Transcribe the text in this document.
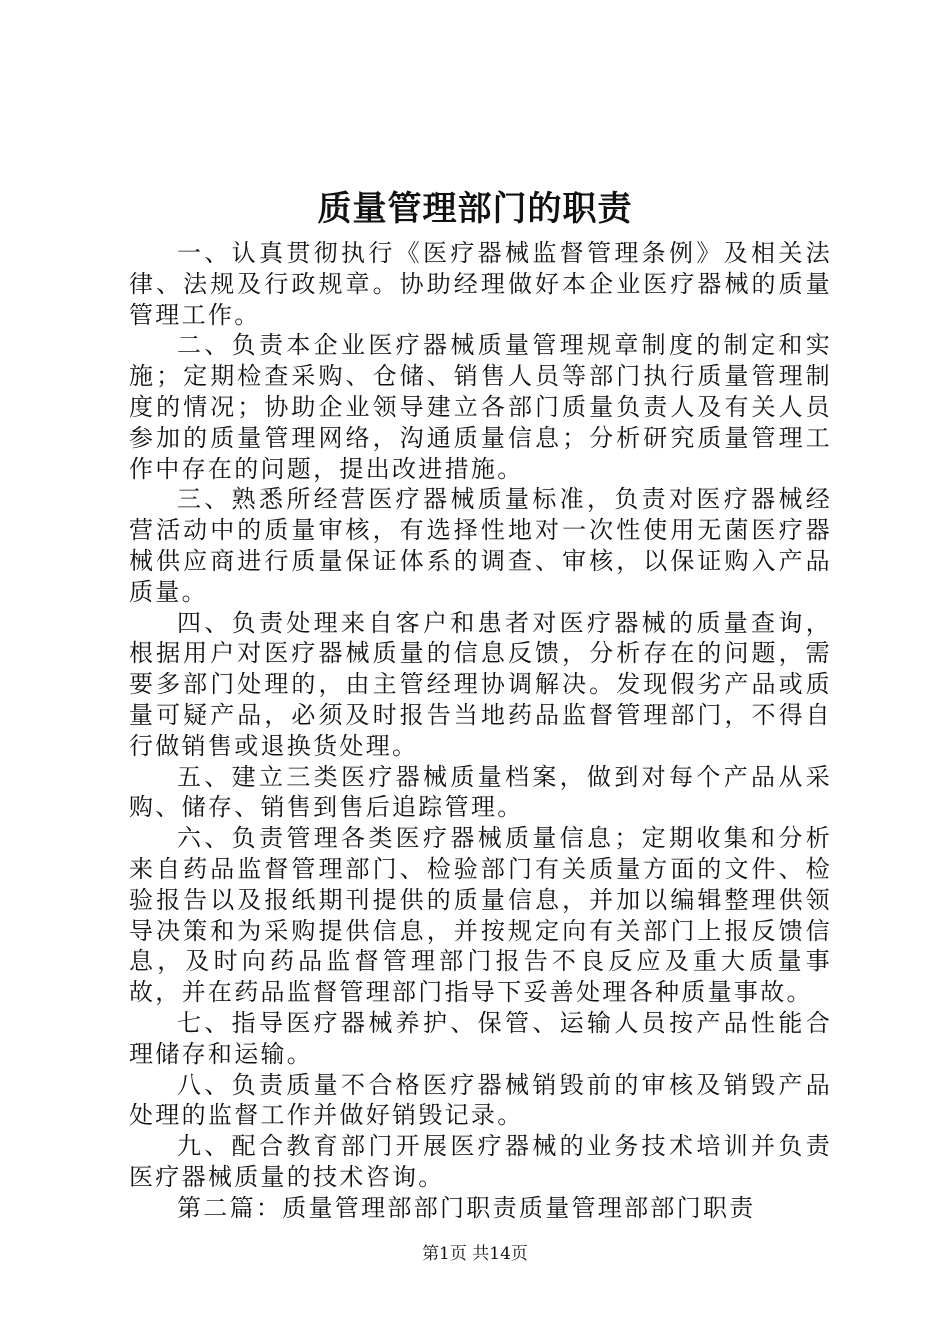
质量管理部门的职责

一、认真贯彻执行《医疗器械监督管理条例》及相关法律、法规及行政规章。协助经理做好本企业医疗器械的质量管理工作。

二、负责本企业医疗器械质量管理规章制度的制定和实施；定期检查采购、仓储、销售人员等部门执行质量管理制度的情况；协助企业领导建立各部门质量负责人及有关人员参加的质量管理网络，沟通质量信息；分析研究质量管理工作中存在的问题，提出改进措施。

三、熟悉所经营医疗器械质量标准，负责对医疗器械经营活动中的质量审核，有选择性地对一次性使用无菌医疗器械供应商进行质量保证体系的调查、审核，以保证购入产品质量。

四、负责处理来自客户和患者对医疗器械的质量查询，根据用户对医疗器械质量的信息反馈，分析存在的问题，需要多部门处理的，由主管经理协调解决。发现假劣产品或质量可疑产品，必须及时报告当地药品监督管理部门，不得自行做销售或退换货处理。

五、建立三类医疗器械质量档案，做到对每个产品从采购、储存、销售到售后追踪管理。

六、负责管理各类医疗器械质量信息；定期收集和分析来自药品监督管理部门、检验部门有关质量方面的文件、检验报告以及报纸期刊提供的质量信息，并加以编辑整理供领导决策和为采购提供信息，并按规定向有关部门上报反馈信息，及时向药品监督管理部门报告不良反应及重大质量事故，并在药品监督管理部门指导下妥善处理各种质量事故。

七、指导医疗器械养护、保管、运输人员按产品性能合理储存和运输。

八、负责质量不合格医疗器械销毁前的审核及销毁产品处理的监督工作并做好销毁记录。

九、配合教育部门开展医疗器械的业务技术培训并负责医疗器械质量的技术咨询。

第二篇：质量管理部部门职责质量管理部部门职责

第1页 共14页
